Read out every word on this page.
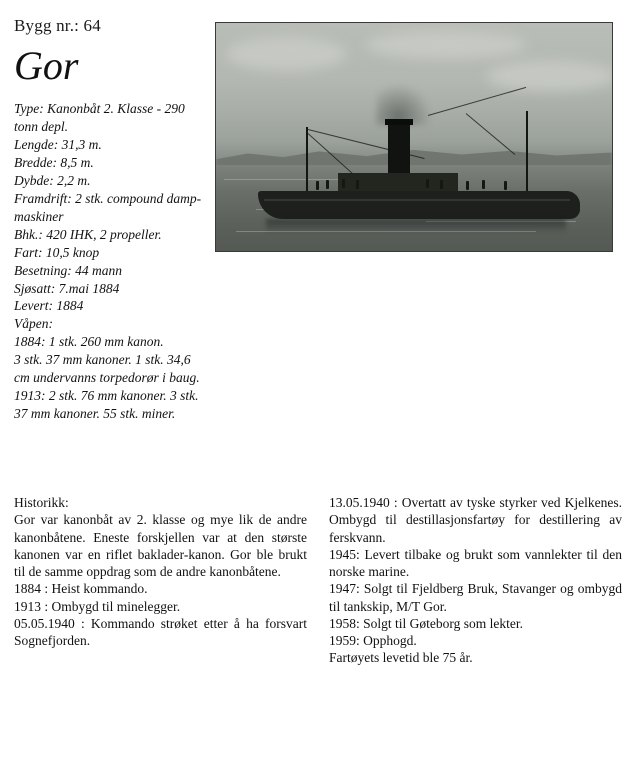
Bygg nr.: 64
Gor
Type: Kanonbåt 2. Klasse - 290 tonn depl.
Lengde: 31,3 m.
Bredde: 8,5 m.
Dybde: 2,2 m.
Framdrift: 2 stk. compound damp-maskiner
Bhk.: 420 IHK, 2 propeller.
Fart: 10,5 knop
Besetning: 44 mann
Sjøsatt: 7.mai 1884
Levert: 1884
Våpen:
1884: 1 stk. 260 mm kanon.
3 stk. 37 mm kanoner. 1 stk. 34,6 cm undervanns torpedorør i baug.
1913: 2 stk. 76 mm kanoner. 3 stk. 37 mm kanoner. 55 stk. miner.

Historikk:

Gor var kanonbåt av 2. klasse og mye lik de andre kanonbåtene. Eneste forskjellen var at den største kanonen var en riflet baklader-kanon. Gor ble brukt til de samme oppdrag som de andre kanonbåtene.

1884 : Heist kommando.

1913 : Ombygd til minelegger.

05.05.1940 : Kommando strøket etter å ha forsvart Sognefjorden.

13.05.1940 : Overtatt av tyske styrker ved Kjelkenes. Ombygd til destillasjonsfartøy for destillering av ferskvann.

1945: Levert tilbake og brukt som vannlekter til den norske marine.

1947: Solgt til Fjeldberg Bruk, Stavanger og ombygd til tankskip, M/T Gor.

1958: Solgt til Gøteborg som lekter.

1959: Opphogd.

Fartøyets levetid ble 75 år.
